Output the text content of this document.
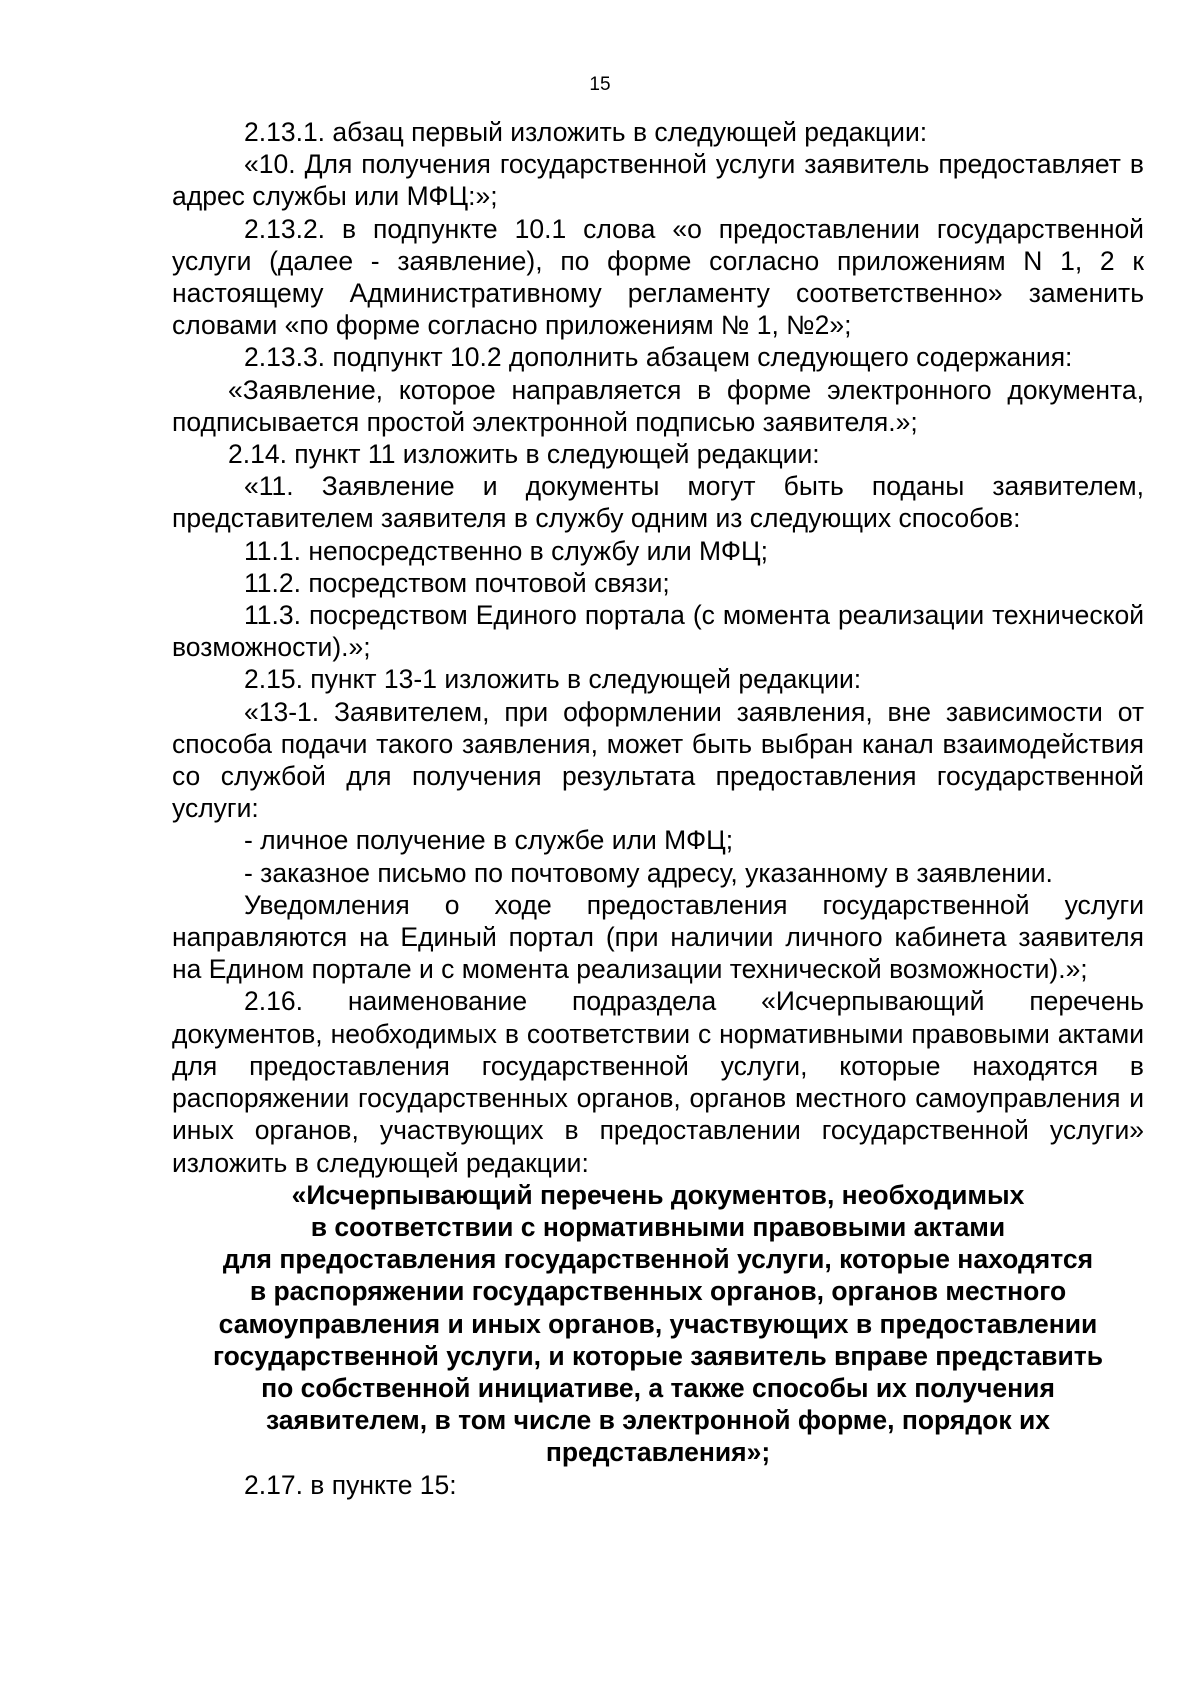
15

2.13.1. абзац первый изложить в следующей редакции:

«10. Для получения государственной услуги заявитель предоставляет в адрес службы или МФЦ:»;

2.13.2. в подпункте 10.1 слова «о предоставлении государственной услуги (далее - заявление), по форме согласно приложениям N 1, 2 к настоящему Административному регламенту соответственно» заменить словами «по форме согласно приложениям № 1, №2»;

2.13.3. подпункт 10.2 дополнить абзацем следующего содержания:

«Заявление, которое направляется в форме электронного документа, подписывается простой электронной подписью заявителя.»;

2.14. пункт 11 изложить в следующей редакции:

«11. Заявление и документы могут быть поданы заявителем, представителем заявителя в службу одним из следующих способов:

11.1. непосредственно в службу или МФЦ;

11.2. посредством почтовой связи;

11.3. посредством Единого портала (с момента реализации технической возможности).»;

2.15. пункт 13-1 изложить в следующей редакции:

«13-1. Заявителем, при оформлении заявления, вне зависимости от способа подачи такого заявления, может быть выбран канал взаимодействия со службой для получения результата предоставления государственной услуги:

- личное получение в службе или МФЦ;

- заказное письмо по почтовому адресу, указанному в заявлении.

Уведомления о ходе предоставления государственной услуги направляются на Единый портал (при наличии личного кабинета заявителя на Едином портале и с момента реализации технической возможности).»;

2.16. наименование подраздела «Исчерпывающий перечень документов, необходимых в соответствии с нормативными правовыми актами для предоставления государственной услуги, которые находятся в распоряжении государственных органов, органов местного самоуправления и иных органов, участвующих в предоставлении государственной услуги» изложить в следующей редакции:

«Исчерпывающий перечень документов, необходимых
в соответствии с нормативными правовыми актами
для предоставления государственной услуги, которые находятся
в распоряжении государственных органов, органов местного
самоуправления и иных органов, участвующих в предоставлении
государственной услуги, и которые заявитель вправе представить
по собственной инициативе, а также способы их получения
заявителем, в том числе в электронной форме, порядок их
представления»;

2.17. в пункте 15:
